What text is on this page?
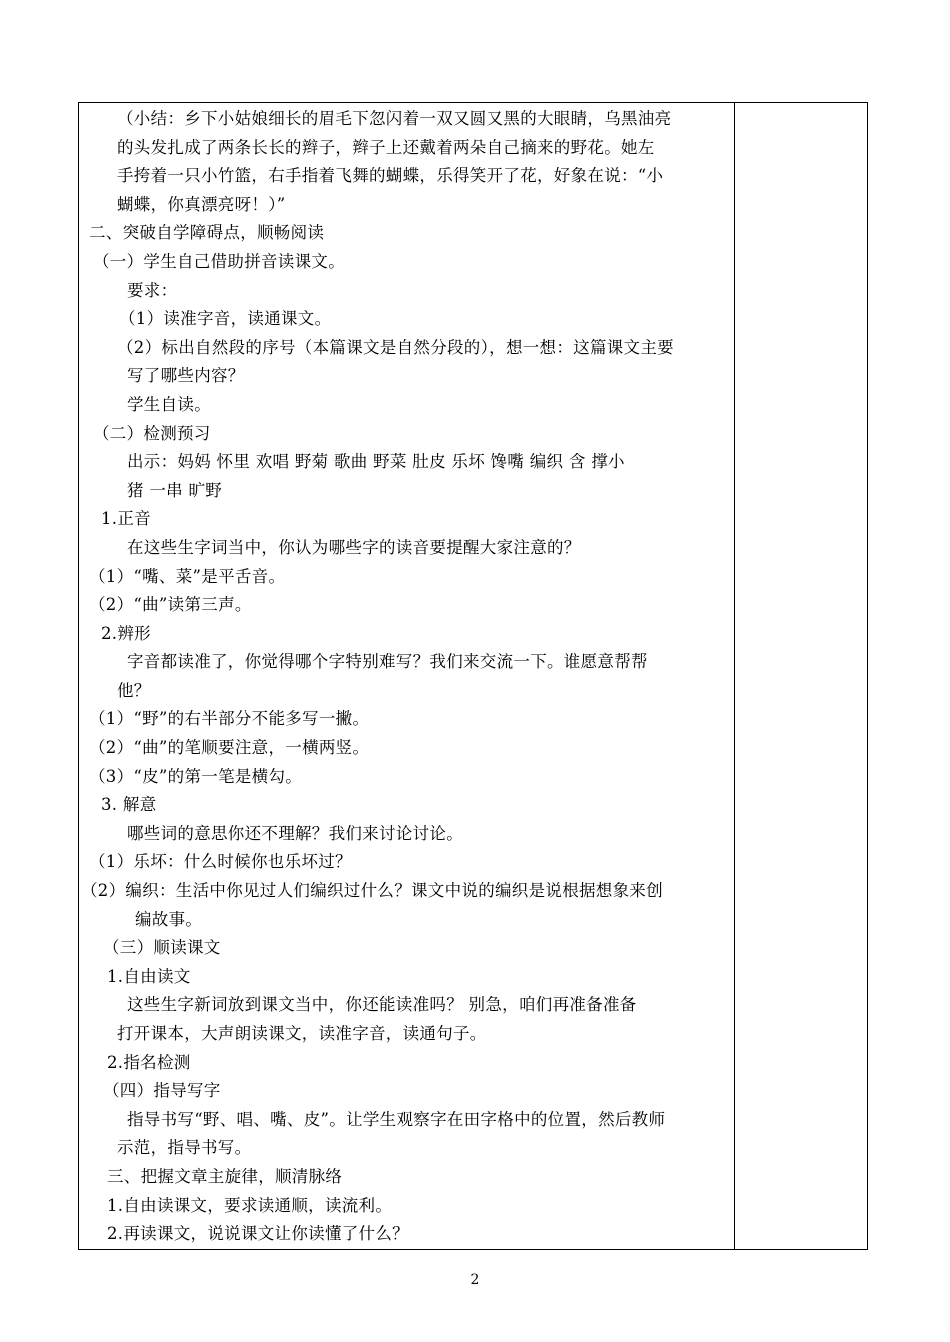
（小结：乡下小姑娘细长的眉毛下忽闪着一双又圆又黑的大眼睛，乌黑油亮
的头发扎成了两条长长的辫子，辫子上还戴着两朵自己摘来的野花。她左
手挎着一只小竹篮，右手指着飞舞的蝴蝶，乐得笑开了花，好象在说：“小
蝴蝶，你真漂亮呀！）”
二、突破自学障碍点，顺畅阅读
（一）学生自己借助拼音读课文。
要求：
（1）读准字音，读通课文。
（2）标出自然段的序号（本篇课文是自然分段的），想一想：这篇课文主要
写了哪些内容？
学生自读。
（二）检测预习
出示：妈妈 怀里 欢唱 野菊 歌曲 野菜 肚皮 乐坏 馋嘴 编织 含 撑小
猪 一串 旷野
1.正音
在这些生字词当中，你认为哪些字的读音要提醒大家注意的？
（1）“嘴、菜”是平舌音。
（2）“曲”读第三声。
2.辨形
字音都读准了，你觉得哪个字特别难写？我们来交流一下。谁愿意帮帮
他？
（1）“野”的右半部分不能多写一撇。
（2）“曲”的笔顺要注意，一横两竖。
（3）“皮”的第一笔是横勾。
3. 解意
哪些词的意思你还不理解？我们来讨论讨论。
（1）乐坏：什么时候你也乐坏过？
（2）编织：生活中你见过人们编织过什么？课文中说的编织是说根据想象来创
编故事。
（三）顺读课文
1.自由读文
这些生字新词放到课文当中，你还能读准吗？ 别急，咱们再准备准备
打开课本，大声朗读课文，读准字音，读通句子。
2.指名检测
（四）指导写字
指导书写“野、唱、嘴、皮”。让学生观察字在田字格中的位置，然后教师
示范，指导书写。
三、把握文章主旋律，顺清脉络
1.自由读课文，要求读通顺，读流利。
2.再读课文，说说课文让你读懂了什么？

2
